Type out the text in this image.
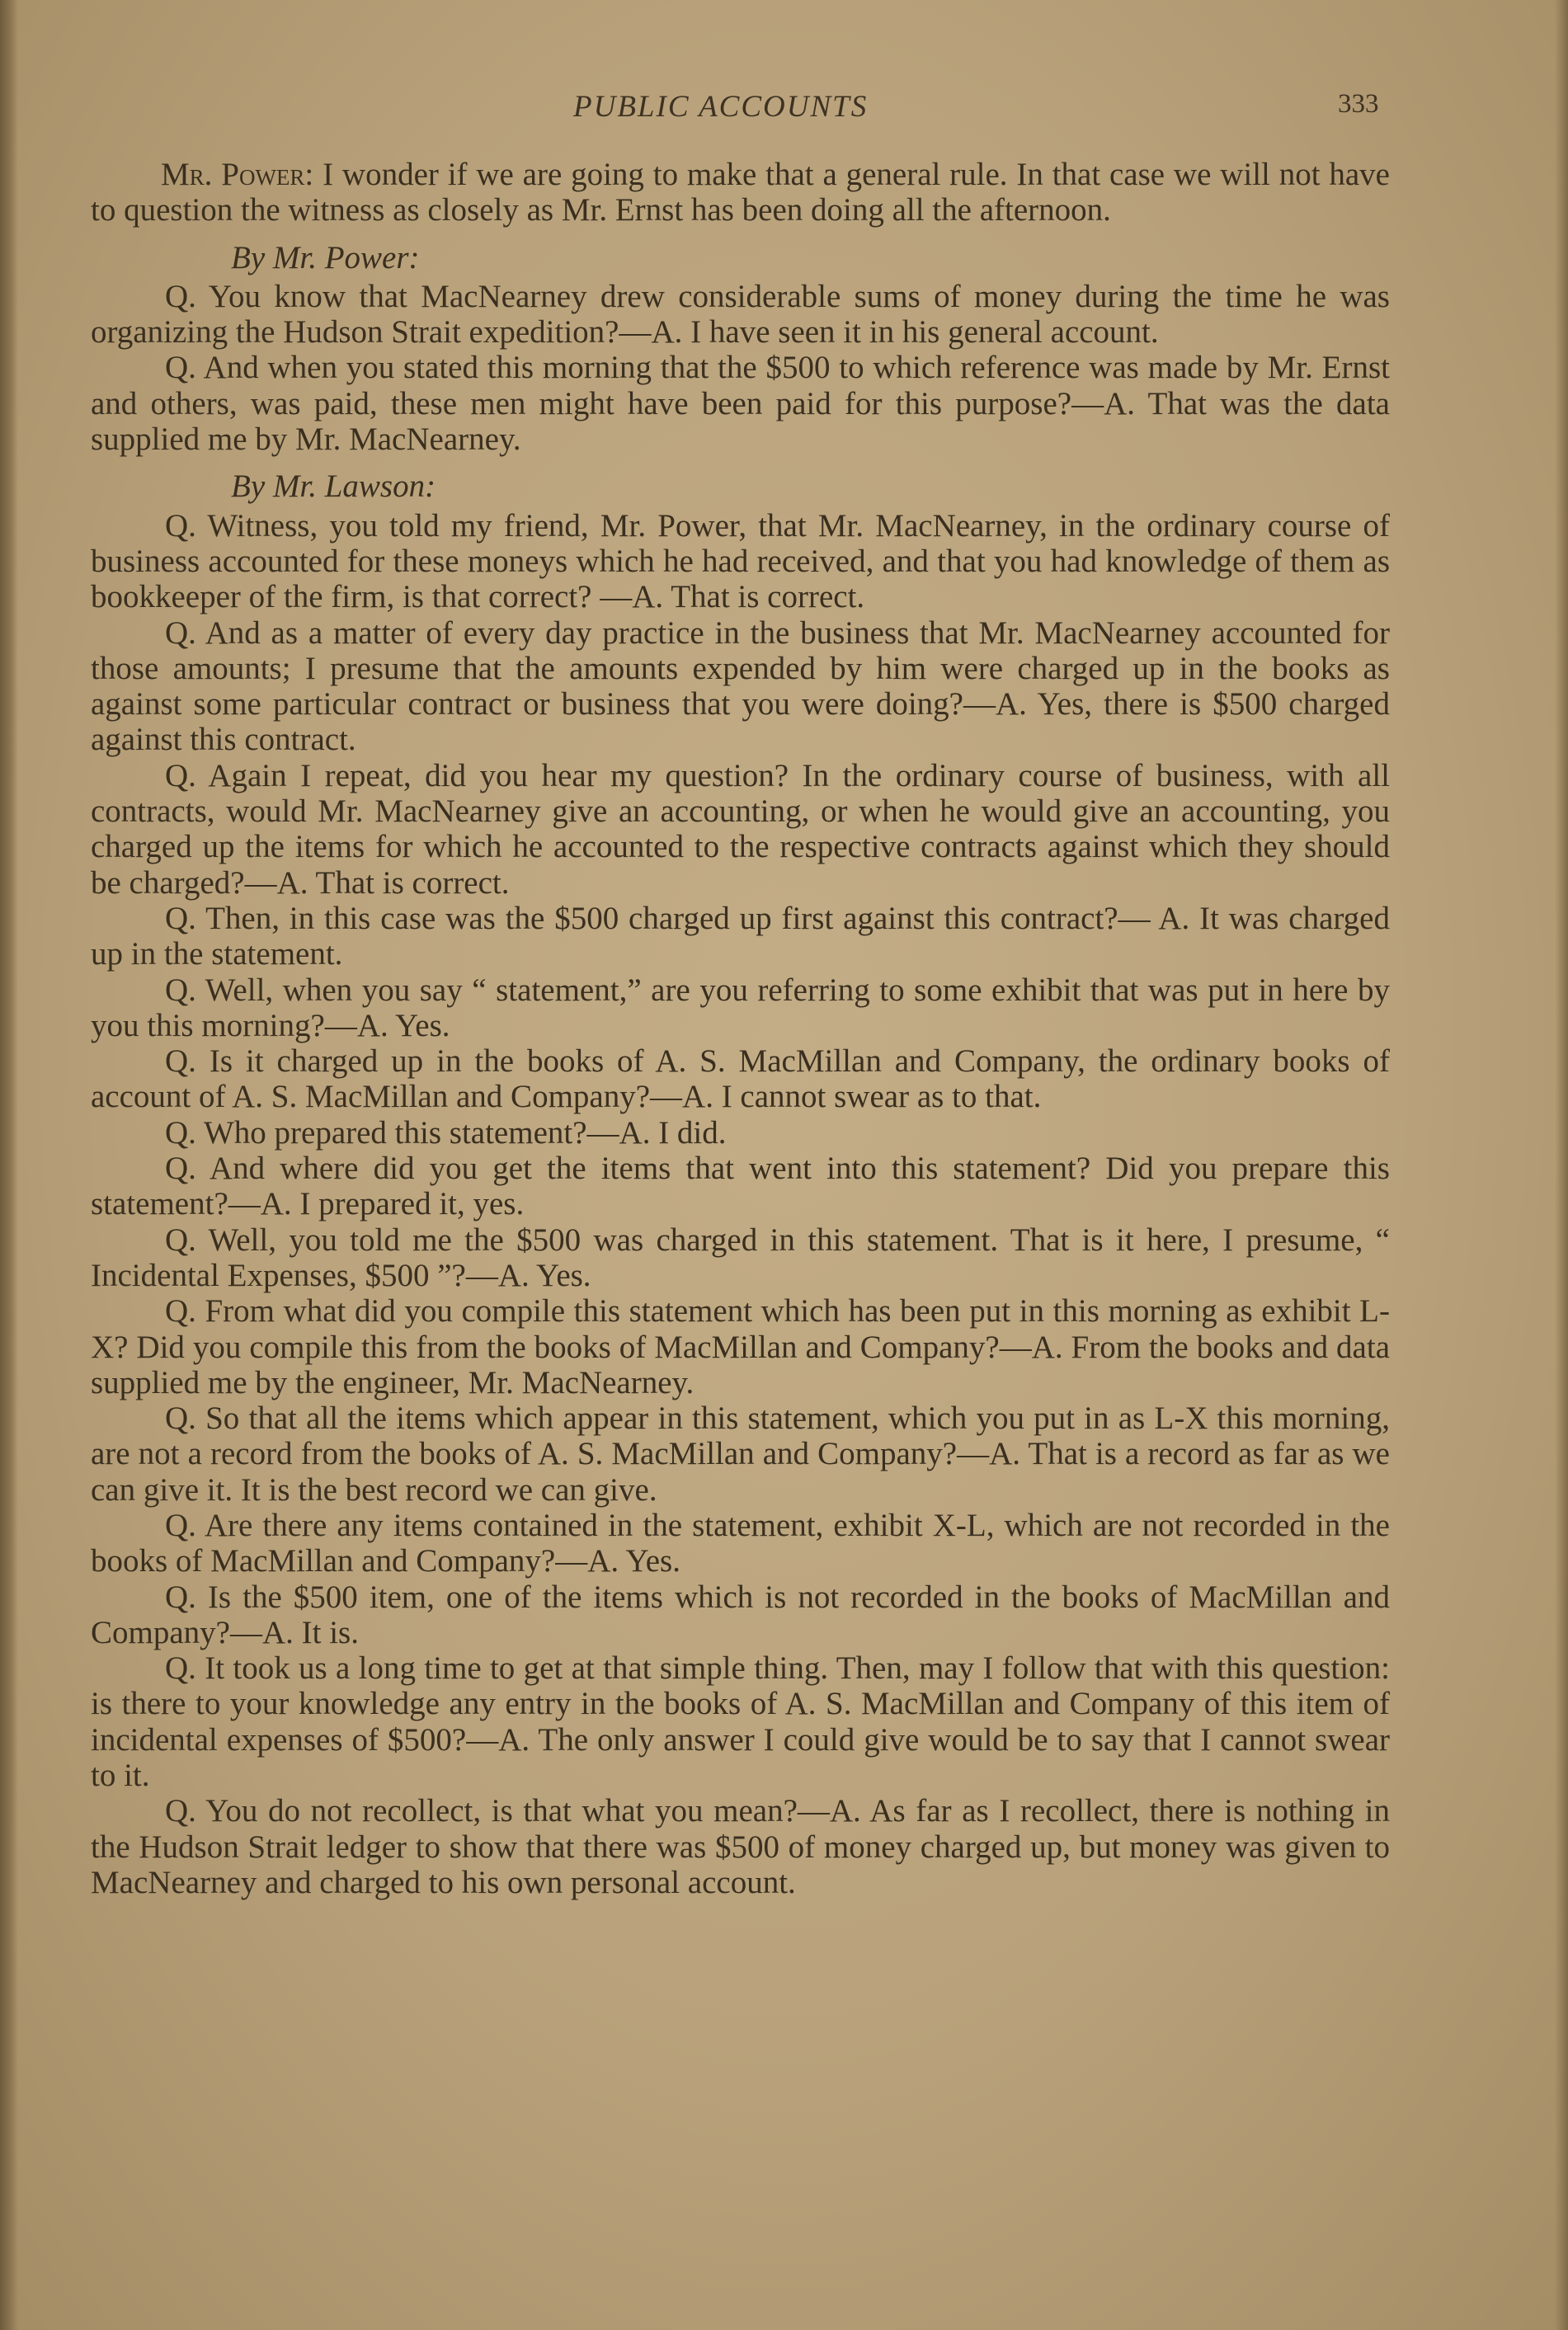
PUBLIC ACCOUNTS	333

Mr. Power: I wonder if we are going to make that a general rule. In that case we will not have to question the witness as closely as Mr. Ernst has been doing all the afternoon.

By Mr. Power:

Q. You know that MacNearney drew considerable sums of money during the time he was organizing the Hudson Strait expedition?—A. I have seen it in his general account.

Q. And when you stated this morning that the $500 to which reference was made by Mr. Ernst and others, was paid, these men might have been paid for this purpose?—A. That was the data supplied me by Mr. MacNearney.

By Mr. Lawson:

Q. Witness, you told my friend, Mr. Power, that Mr. MacNearney, in the ordinary course of business accounted for these moneys which he had received, and that you had knowledge of them as bookkeeper of the firm, is that correct? —A. That is correct.

Q. And as a matter of every day practice in the business that Mr. MacNearney accounted for those amounts; I presume that the amounts expended by him were charged up in the books as against some particular contract or business that you were doing?—A. Yes, there is $500 charged against this contract.

Q. Again I repeat, did you hear my question? In the ordinary course of business, with all contracts, would Mr. MacNearney give an accounting, or when he would give an accounting, you charged up the items for which he accounted to the respective contracts against which they should be charged?—A. That is correct.

Q. Then, in this case was the $500 charged up first against this contract?— A. It was charged up in the statement.

Q. Well, when you say “ statement,” are you referring to some exhibit that was put in here by you this morning?—A. Yes.

Q. Is it charged up in the books of A. S. MacMillan and Company, the ordinary books of account of A. S. MacMillan and Company?—A. I cannot swear as to that.

Q. Who prepared this statement?—A. I did.

Q. And where did you get the items that went into this statement? Did you prepare this statement?—A. I prepared it, yes.

Q. Well, you told me the $500 was charged in this statement. That is it here, I presume, “ Incidental Expenses, $500 ”?—A. Yes.

Q. From what did you compile this statement which has been put in this morning as exhibit L-X? Did you compile this from the books of MacMillan and Company?—A. From the books and data supplied me by the engineer, Mr. MacNearney.

Q. So that all the items which appear in this statement, which you put in as L-X this morning, are not a record from the books of A. S. MacMillan and Company?—A. That is a record as far as we can give it. It is the best record we can give.

Q. Are there any items contained in the statement, exhibit X-L, which are not recorded in the books of MacMillan and Company?—A. Yes.

Q. Is the $500 item, one of the items which is not recorded in the books of MacMillan and Company?—A. It is.

Q. It took us a long time to get at that simple thing. Then, may I follow that with this question: is there to your knowledge any entry in the books of A. S. MacMillan and Company of this item of incidental expenses of $500?—A. The only answer I could give would be to say that I cannot swear to it.

Q. You do not recollect, is that what you mean?—A. As far as I recollect, there is nothing in the Hudson Strait ledger to show that there was $500 of money charged up, but money was given to MacNearney and charged to his own personal account.
